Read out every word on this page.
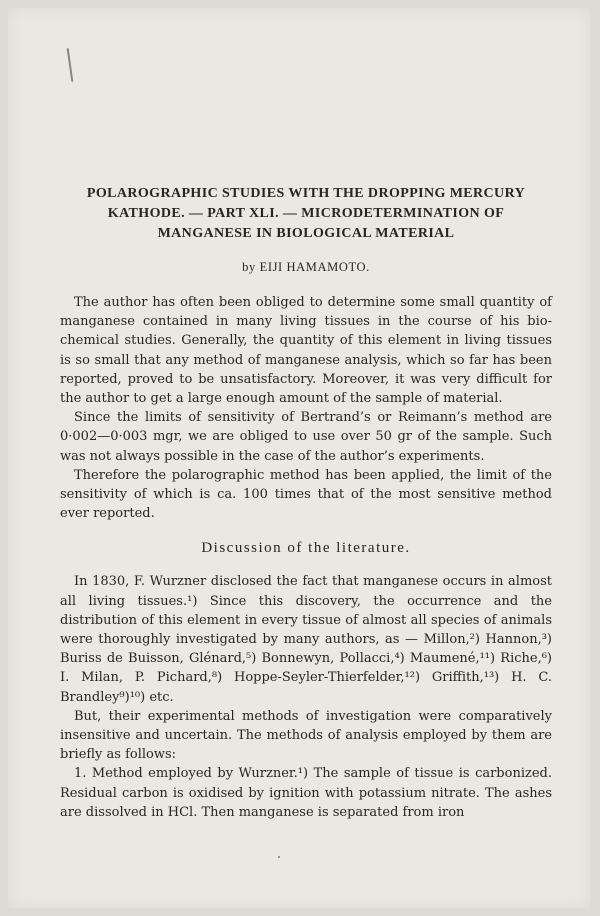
POLAROGRAPHIC STUDIES WITH THE DROPPING MERCURY
KATHODE. — PART XLI. — MICRODETERMINATION OF
MANGANESE IN BIOLOGICAL MATERIAL
by EIJI HAMAMOTO.

The author has often been obliged to determine some small quantity of manganese contained in many living tissues in the course of his bio-chemical studies. Generally, the quantity of this element in living tissues is so small that any method of manganese analysis, which so far has been reported, proved to be unsatisfactory. Moreover, it was very difficult for the author to get a large enough amount of the sample of material.

Since the limits of sensitivity of Bertrand’s or Reimann’s method are 0·002—0·003 mgr, we are obliged to use over 50 gr of the sample. Such was not always possible in the case of the author’s experiments.

Therefore the polarographic method has been applied, the limit of the sensitivity of which is ca. 100 times that of the most sensitive method ever reported.

Discussion of the literature.

In 1830, F. Wurzner disclosed the fact that manganese occurs in almost all living tissues.¹) Since this discovery, the occurrence and the distribution of this element in every tissue of almost all species of animals were thoroughly investigated by many authors, as — Millon,²) Hannon,³) Buriss de Buisson, Glénard,⁵) Bonnewyn, Pollacci,⁴) Maumené,¹¹) Riche,⁶) I. Milan, P. Pichard,⁸) Hoppe-Seyler-Thierfelder,¹²) Griffith,¹³) H. C. Brandley⁹)¹⁰) etc.

But, their experimental methods of investigation were comparatively insensitive and uncertain. The methods of analysis employed by them are briefly as follows:

1. Method employed by Wurzner.¹) The sample of tissue is carbonized. Residual carbon is oxidised by ignition with potassium nitrate. The ashes are dissolved in HCl. Then manganese is separated from iron
